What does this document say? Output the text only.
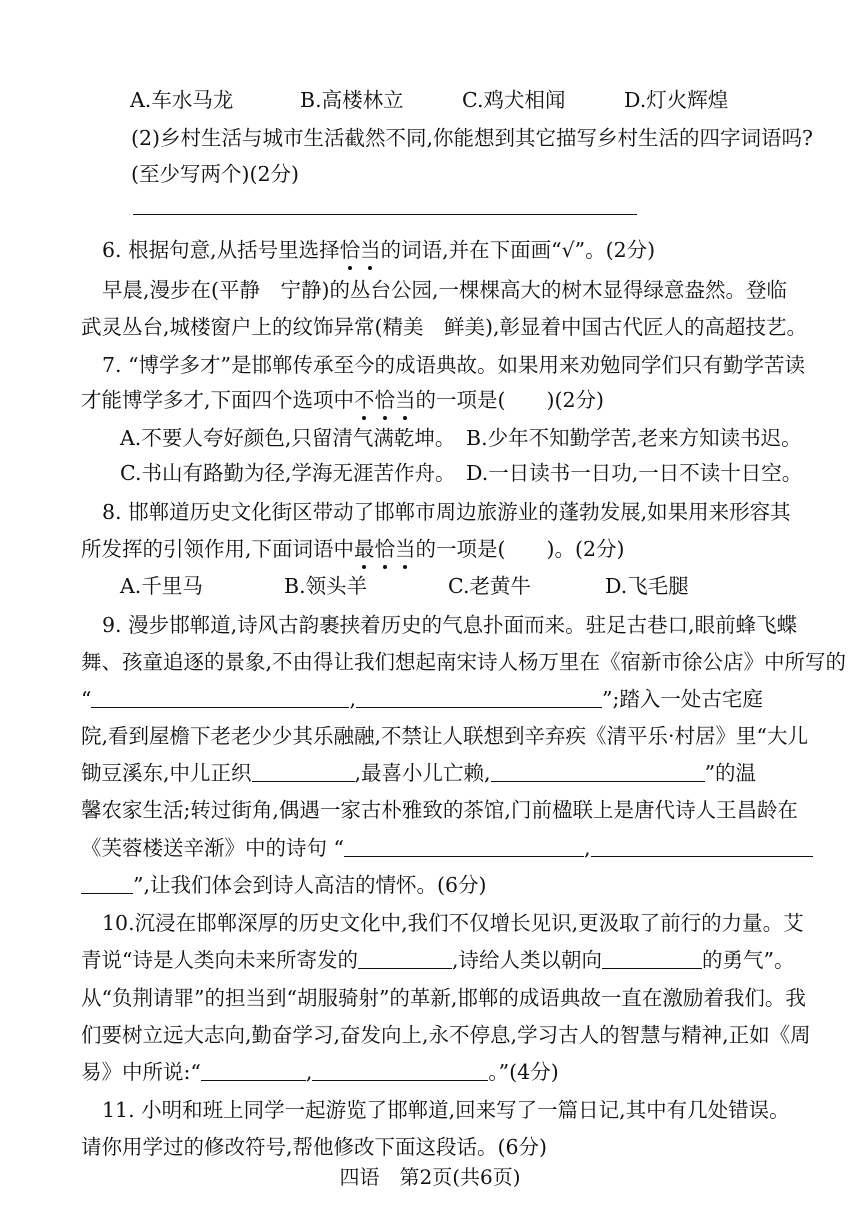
A.车水马龙	B.高楼林立	C.鸡犬相闻	D.灯火辉煌
(2)乡村生活与城市生活截然不同,你能想到其它描写乡村生活的四字词语吗?
(至少写两个)(2分)
6. 根据句意,从括号里选择恰当的词语,并在下面画“√”。(2分)
早晨,漫步在(平静　宁静)的丛台公园,一棵棵高大的树木显得绿意盎然。登临
武灵丛台,城楼窗户上的纹饰异常(精美　鲜美),彰显着中国古代匠人的高超技艺。
7. “博学多才”是邯郸传承至今的成语典故。如果用来劝勉同学们只有勤学苦读
才能博学多才,下面四个选项中不恰当的一项是(　　)(2分)
A.不要人夸好颜色,只留清气满乾坤。 B.少年不知勤学苦,老来方知读书迟。
C.书山有路勤为径,学海无涯苦作舟。 D.一日读书一日功,一日不读十日空。
8. 邯郸道历史文化街区带动了邯郸市周边旅游业的蓬勃发展,如果用来形容其
所发挥的引领作用,下面词语中最恰当的一项是(　　)。(2分)
A.千里马	B.领头羊	C.老黄牛	D.飞毛腿
9. 漫步邯郸道,诗风古韵裹挟着历史的气息扑面而来。驻足古巷口,眼前蜂飞蝶
舞、孩童追逐的景象,不由得让我们想起南宋诗人杨万里在《宿新市徐公店》中所写的
“	,	”;踏入一处古宅庭
院,看到屋檐下老老少少其乐融融,不禁让人联想到辛弃疾《清平乐·村居》里“大儿
锄豆溪东,中儿正织	,最喜小儿亡赖,	”的温
馨农家生活;转过街角,偶遇一家古朴雅致的茶馆,门前楹联上是唐代诗人王昌龄在
《芙蓉楼送辛渐》中的诗句 “	,
”,让我们体会到诗人高洁的情怀。(6分)
10.沉浸在邯郸深厚的历史文化中,我们不仅增长见识,更汲取了前行的力量。艾
青说“诗是人类向未来所寄发的	,诗给人类以朝向	的勇气”。
从“负荆请罪”的担当到“胡服骑射”的革新,邯郸的成语典故一直在激励着我们。我
们要树立远大志向,勤奋学习,奋发向上,永不停息,学习古人的智慧与精神,正如《周
易》中所说:“	,	。”(4分)
11. 小明和班上同学一起游览了邯郸道,回来写了一篇日记,其中有几处错误。
请你用学过的修改符号,帮他修改下面这段话。(6分)
四语　第2页(共6页)
